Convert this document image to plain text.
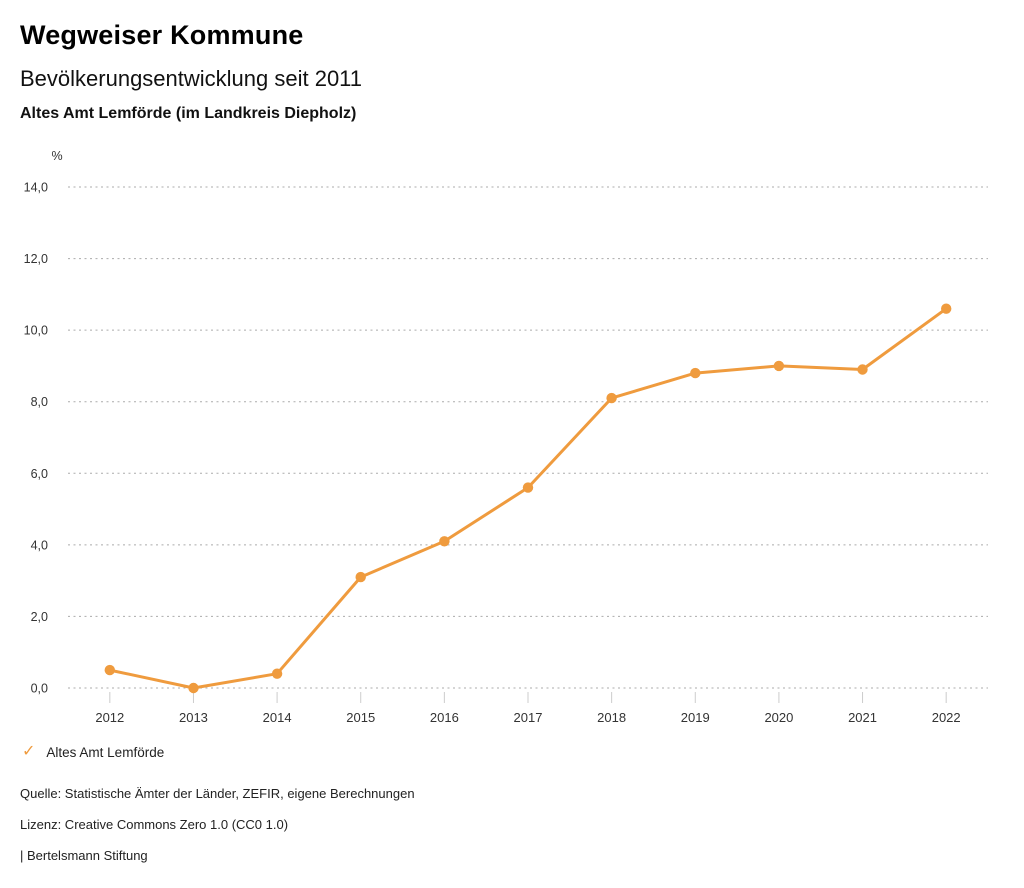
Wegweiser Kommune
Bevölkerungsentwicklung seit 2011
Altes Amt Lemförde (im Landkreis Diepholz)
%
0,0
2,0
4,0
6,0
8,0
10,0
12,0
14,0
2012	2013	2014	2015	2016	2017	2018	2019	2020	2021	2022
✓ Altes Amt Lemförde
Quelle: Statistische Ämter der Länder, ZEFIR, eigene Berechnungen
Lizenz: Creative Commons Zero 1.0 (CC0 1.0)
| Bertelsmann Stiftung
